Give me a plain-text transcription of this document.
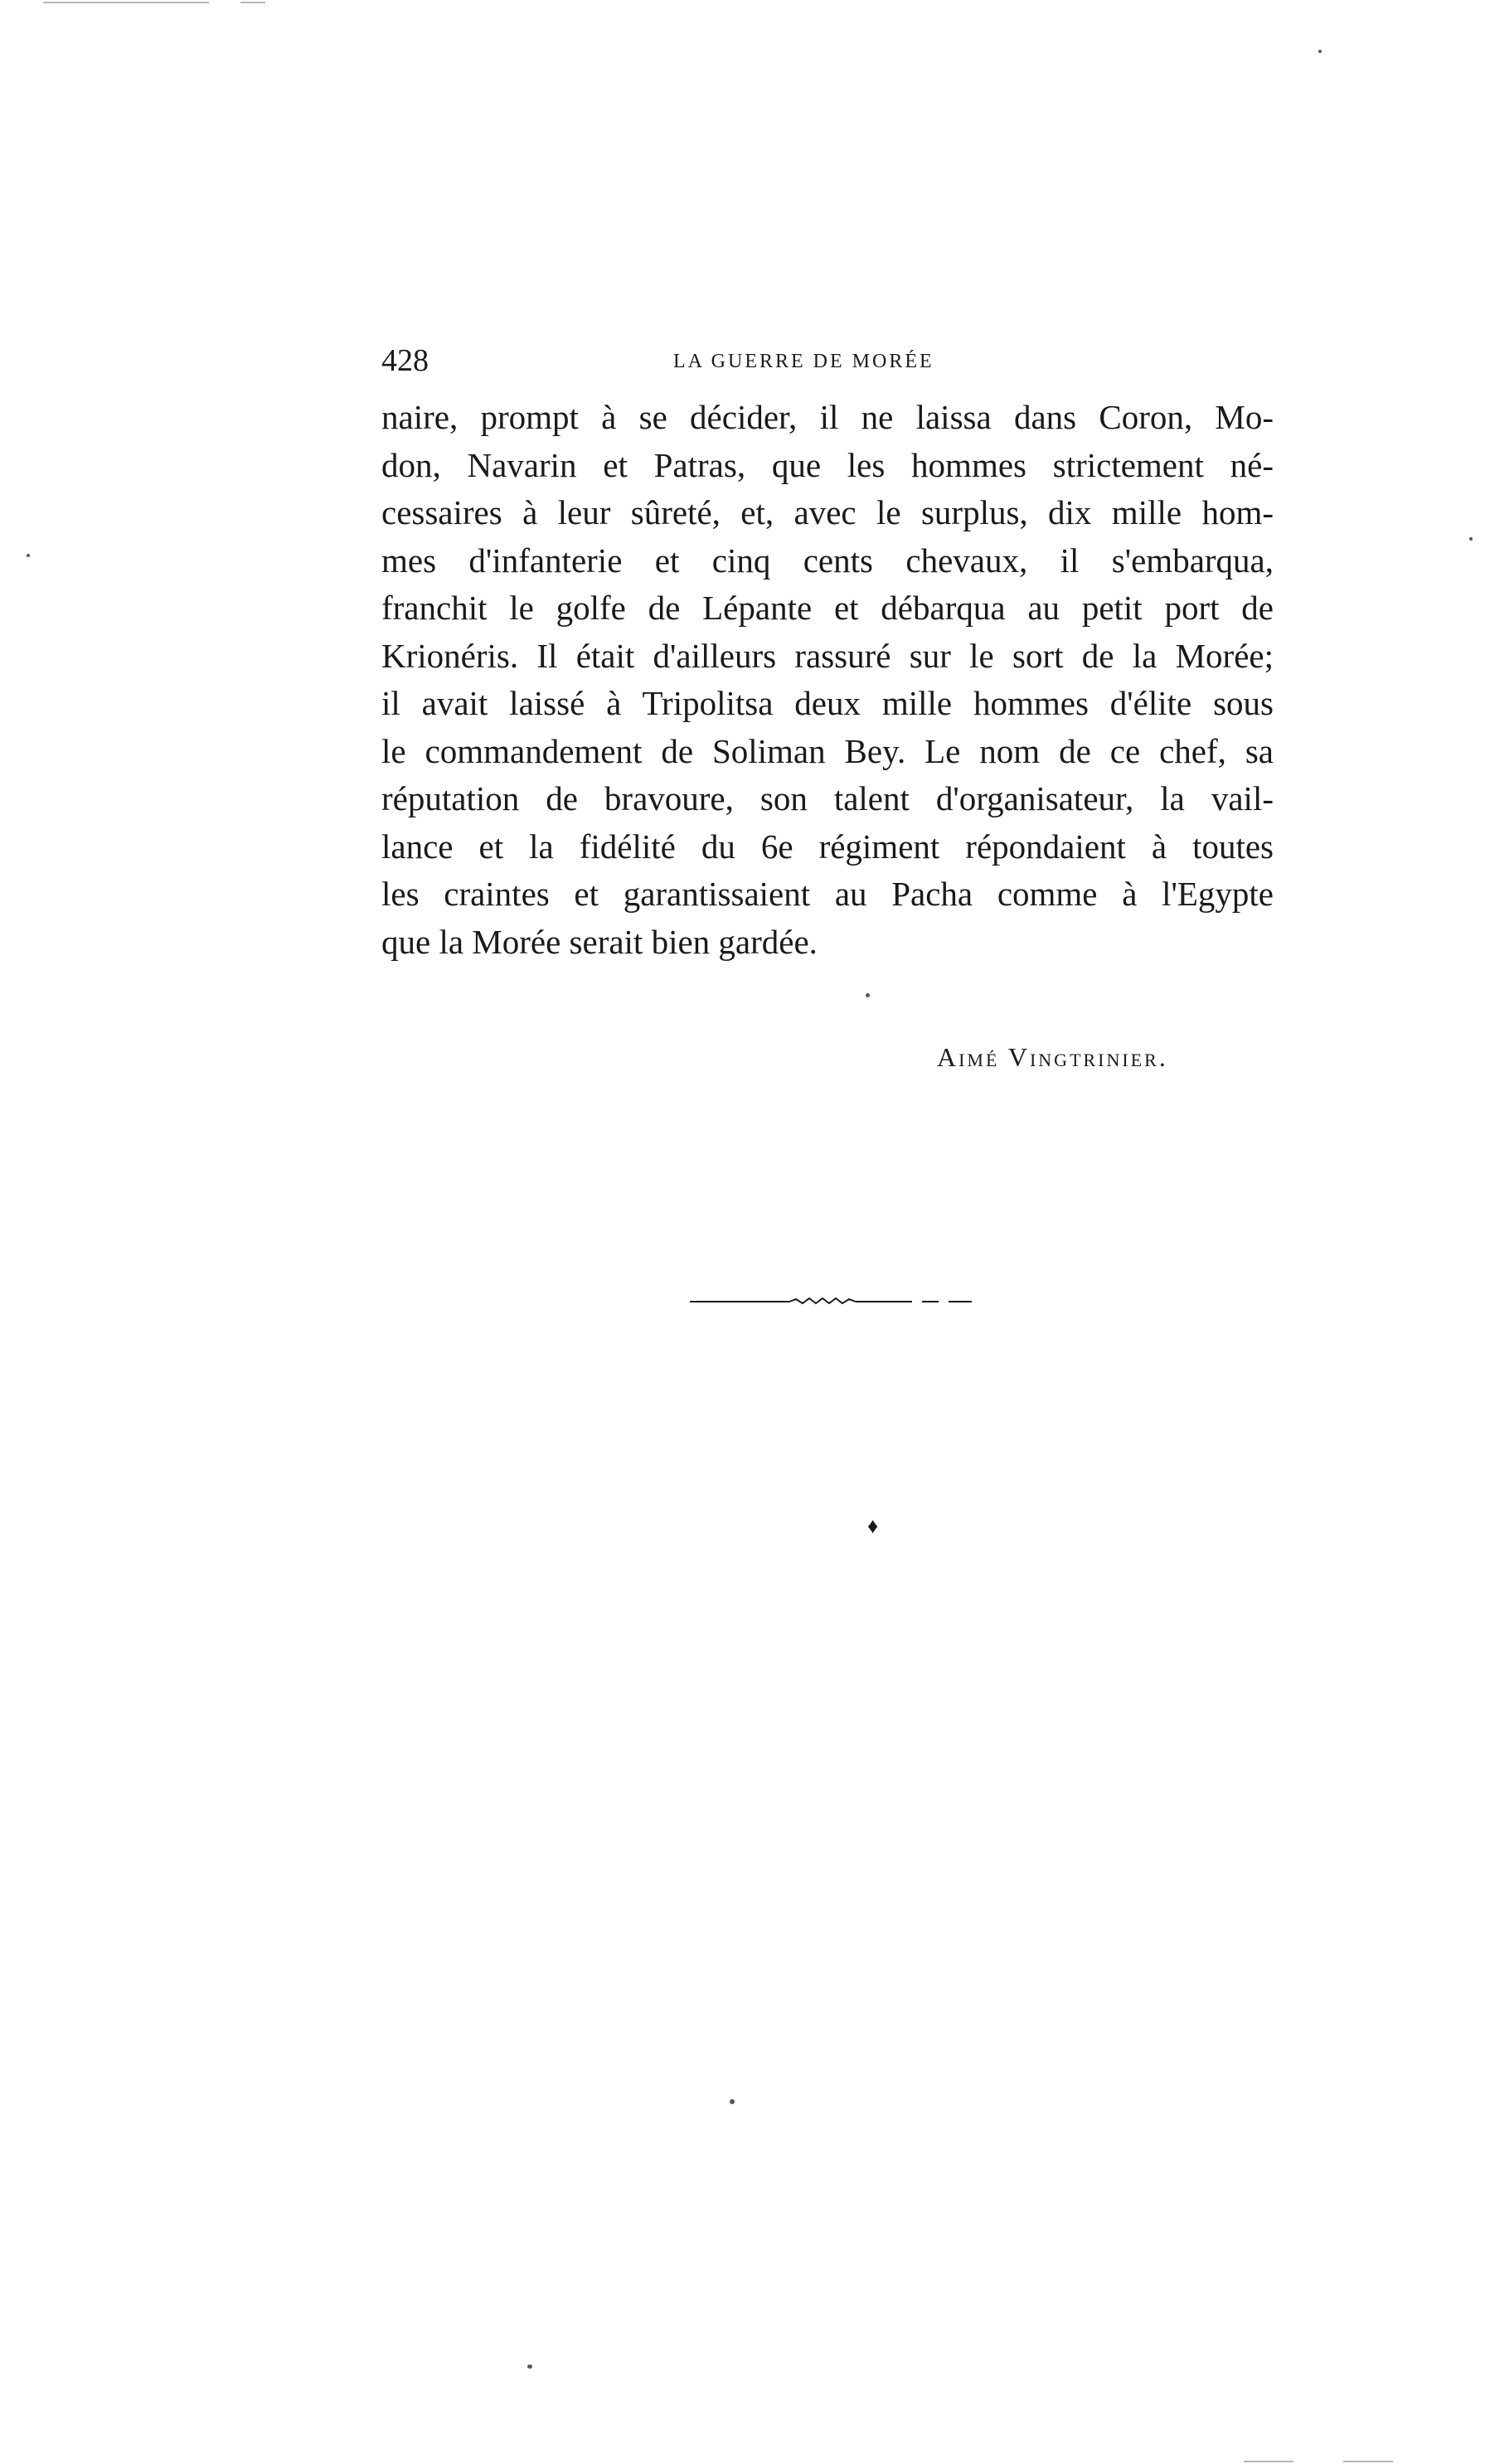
428	LA GUERRE DE MORÉE
naire, prompt à se décider, il ne laissa dans Coron, Mo-
don, Navarin et Patras, que les hommes strictement né-
cessaires à leur sûreté, et, avec le surplus, dix mille hom-
mes d'infanterie et cinq cents chevaux, il s'embarqua,
franchit le golfe de Lépante et débarqua au petit port de
Krionéris. Il était d'ailleurs rassuré sur le sort de la Morée;
il avait laissé à Tripolitsa deux mille hommes d'élite sous
le commandement de Soliman Bey. Le nom de ce chef, sa
réputation de bravoure, son talent d'organisateur, la vail-
lance et la fidélité du 6e régiment répondaient à toutes
les craintes et garantissaient au Pacha comme à l'Egypte
que la Morée serait bien gardée.
Aimé Vingtrinier.
♦
